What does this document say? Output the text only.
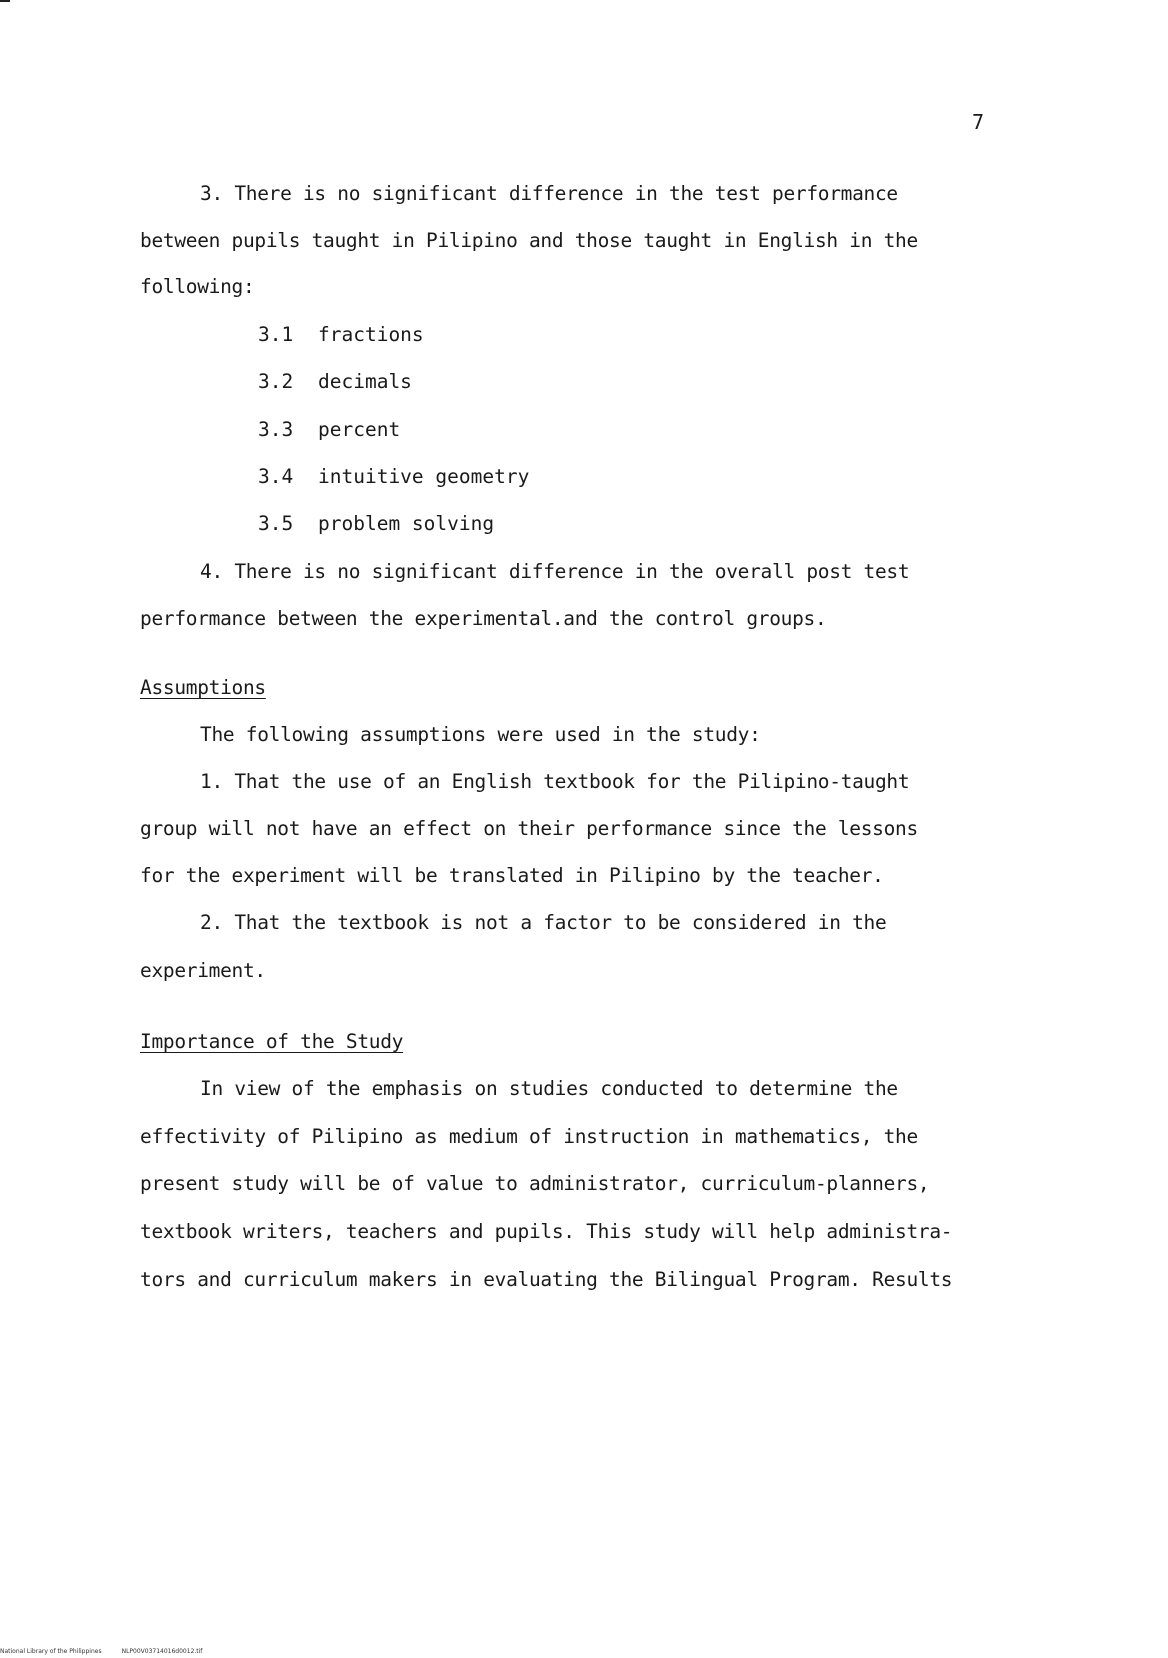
7
3. There is no significant difference in the test performance
between pupils taught in Pilipino and those taught in English in the
following:
3.1 fractions
3.2 decimals
3.3 percent
3.4 intuitive geometry
3.5 problem solving
4. There is no significant difference in the overall post test
performance between the experimental.and the control groups.
Assumptions
The following assumptions were used in the study:
1. That the use of an English textbook for the Pilipino-taught
group will not have an effect on their performance since the lessons
for the experiment will be translated in Pilipino by the teacher.
2. That the textbook is not a factor to be considered in the
experiment.
Importance of the Study
In view of the emphasis on studies conducted to determine the
effectivity of Pilipino as medium of instruction in mathematics, the
present study will be of value to administrator, curriculum-planners,
textbook writers, teachers and pupils. This study will help administra-
tors and curriculum makers in evaluating the Bilingual Program. Results
National Library of the Philippines	NLP00V03714016d0012.tif
